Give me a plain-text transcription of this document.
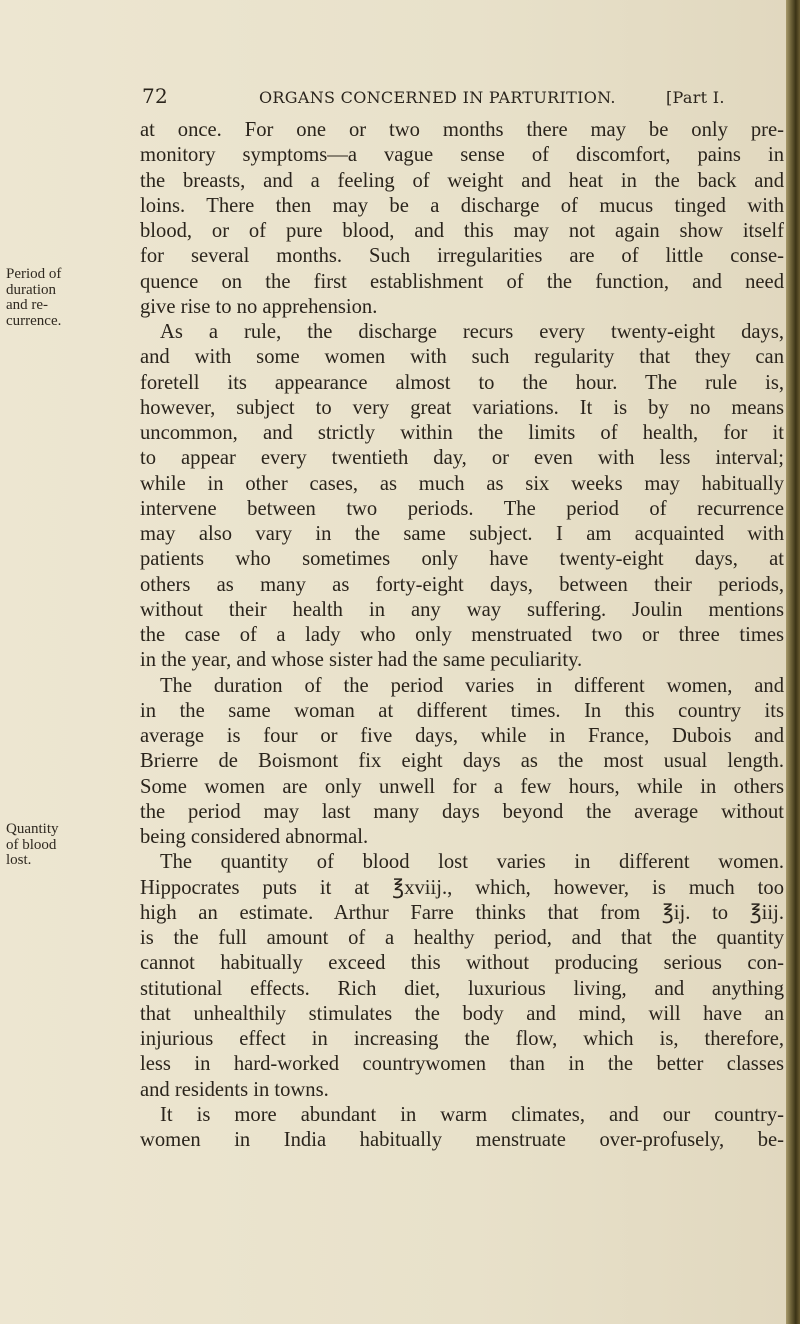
72	ORGANS CONCERNED IN PARTURITION.	[Part I.
Period of
duration
and re-
currence.
Quantity
of blood
lost.
at once. For one or two months there may be only pre-
monitory symptoms—a vague sense of discomfort, pains in
the breasts, and a feeling of weight and heat in the back and
loins. There then may be a discharge of mucus tinged with
blood, or of pure blood, and this may not again show itself
for several months. Such irregularities are of little conse-
quence on the first establishment of the function, and need
give rise to no apprehension.
As a rule, the discharge recurs every twenty-eight days,
and with some women with such regularity that they can
foretell its appearance almost to the hour. The rule is,
however, subject to very great variations. It is by no means
uncommon, and strictly within the limits of health, for it
to appear every twentieth day, or even with less interval;
while in other cases, as much as six weeks may habitually
intervene between two periods. The period of recurrence
may also vary in the same subject. I am acquainted with
patients who sometimes only have twenty-eight days, at
others as many as forty-eight days, between their periods,
without their health in any way suffering. Joulin mentions
the case of a lady who only menstruated two or three times
in the year, and whose sister had the same peculiarity.
The duration of the period varies in different women, and
in the same woman at different times. In this country its
average is four or five days, while in France, Dubois and
Brierre de Boismont fix eight days as the most usual length.
Some women are only unwell for a few hours, while in others
the period may last many days beyond the average without
being considered abnormal.
The quantity of blood lost varies in different women.
Hippocrates puts it at ℥xviij., which, however, is much too
high an estimate. Arthur Farre thinks that from ℥ij. to ℥iij.
is the full amount of a healthy period, and that the quantity
cannot habitually exceed this without producing serious con-
stitutional effects. Rich diet, luxurious living, and anything
that unhealthily stimulates the body and mind, will have an
injurious effect in increasing the flow, which is, therefore,
less in hard-worked countrywomen than in the better classes
and residents in towns.
It is more abundant in warm climates, and our country-
women in India habitually menstruate over-profusely, be-
